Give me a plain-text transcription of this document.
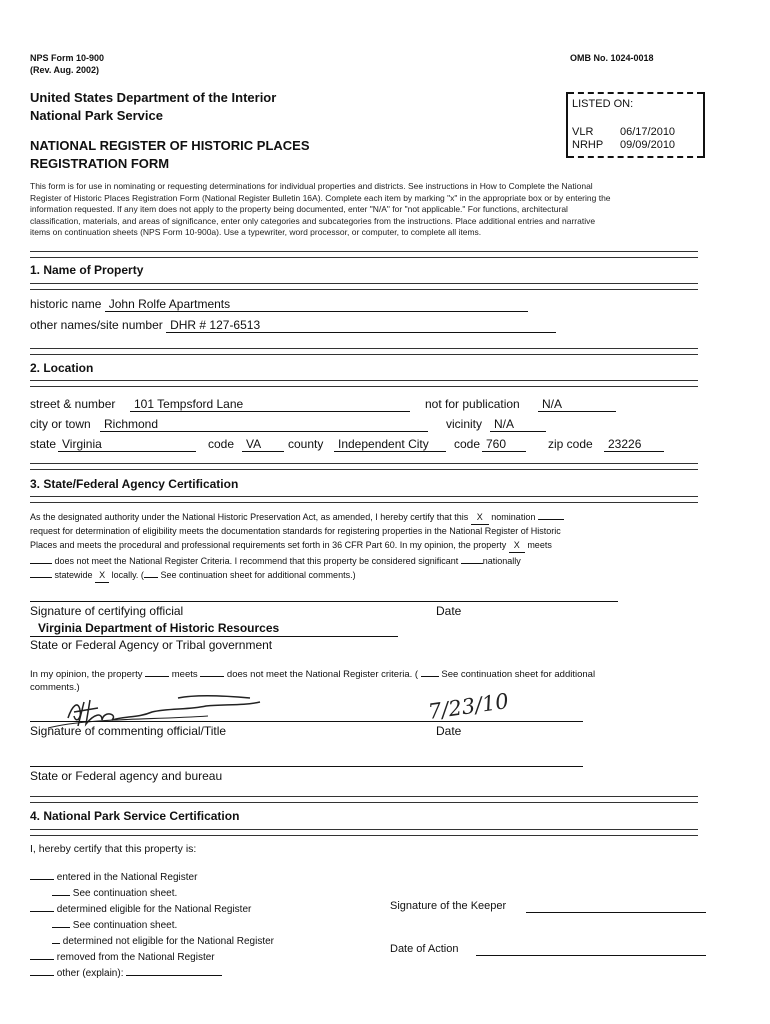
NPS Form 10-900
(Rev. Aug. 2002)
OMB No. 1024-0018
United States Department of the Interior
National Park Service
NATIONAL REGISTER OF HISTORIC PLACES
REGISTRATION FORM
LISTED ON:
VLR 06/17/2010
NRHP 09/09/2010
This form is for use in nominating or requesting determinations for individual properties and districts. See instructions in How to Complete the National
Register of Historic Places Registration Form (National Register Bulletin 16A). Complete each item by marking "x" in the appropriate box or by entering the
information requested. If any item does not apply to the property being documented, enter "N/A" for "not applicable." For functions, architectural
classification, materials, and areas of significance, enter only categories and subcategories from the instructions. Place additional entries and narrative
items on continuation sheets (NPS Form 10-900a). Use a typewriter, word processor, or computer, to complete all items.
1. Name of Property
historic name John Rolfe Apartments
other names/site number DHR # 127-6513
2. Location
street & number	101 Tempsford Lane	not for publication	N/A
city or town	Richmond	vicinity N/A
state Virginia	code VA	county	Independent City	code 760	zip code	23226
3. State/Federal Agency Certification
As the designated authority under the National Historic Preservation Act, as amended, I hereby certify that this X nomination
request for determination of eligibility meets the documentation standards for registering properties in the National Register of Historic
Places and meets the procedural and professional requirements set forth in 36 CFR Part 60. In my opinion, the property X meets
does not meet the National Register Criteria. I recommend that this property be considered significant	nationally
statewide X locally. ( See continuation sheet for additional comments.)
Signature of certifying official	Date
Virginia Department of Historic Resources
State or Federal Agency or Tribal government
In my opinion, the property	meets	does not meet the National Register criteria. ( See continuation sheet for additional
comments.)
7/23/10
Signature of commenting official/Title	Date
State or Federal agency and bureau
4. National Park Service Certification
I, hereby certify that this property is:
entered in the National Register
See continuation sheet.
determined eligible for the National Register
See continuation sheet.
determined not eligible for the National Register
removed from the National Register
other (explain):
Signature of the Keeper
Date of Action
